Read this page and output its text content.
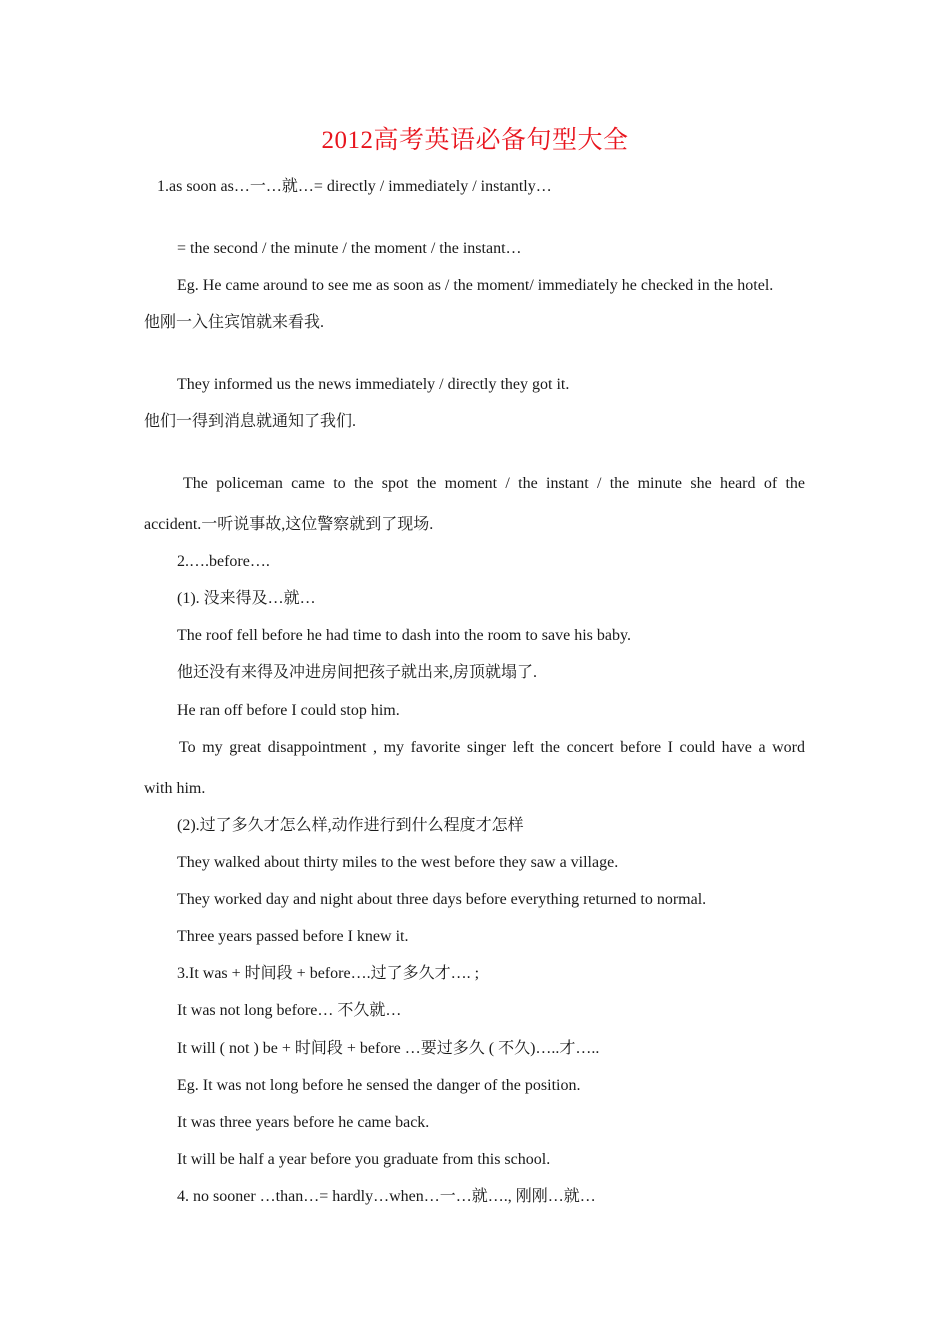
2012高考英语必备句型大全
1.as soon as…一…就…= directly / immediately / instantly…
= the second / the minute / the moment / the instant…
Eg. He came around to see me as soon as / the moment/ immediately he checked in the hotel.
他刚一入住宾馆就来看我.
They informed us the news immediately / directly they got it.
他们一得到消息就通知了我们.
The policeman came to the spot the moment / the instant / the minute she heard of the
accident.一听说事故,这位警察就到了现场.
2.….before….
(1). 没来得及…就…
The roof fell before he had time to dash into the room to save his baby.
他还没有来得及冲进房间把孩子就出来,房顶就塌了.
He ran off before I could stop him.
To my great disappointment , my favorite singer left the concert before I could have a word
with him.
(2).过了多久才怎么样,动作进行到什么程度才怎样
They walked about thirty miles to the west before they saw a village.
They worked day and night about three days before everything returned to normal.
Three years passed before I knew it.
3.It was + 时间段 + before….过了多久才…. ;
It was not long before… 不久就…
It will ( not ) be + 时间段 + before …要过多久 ( 不久)…..才…..
Eg. It was not long before he sensed the danger of the position.
It was three years before he came back.
It will be half a year before you graduate from this school.
4. no sooner …than…= hardly…when…一…就…., 刚刚…就…
